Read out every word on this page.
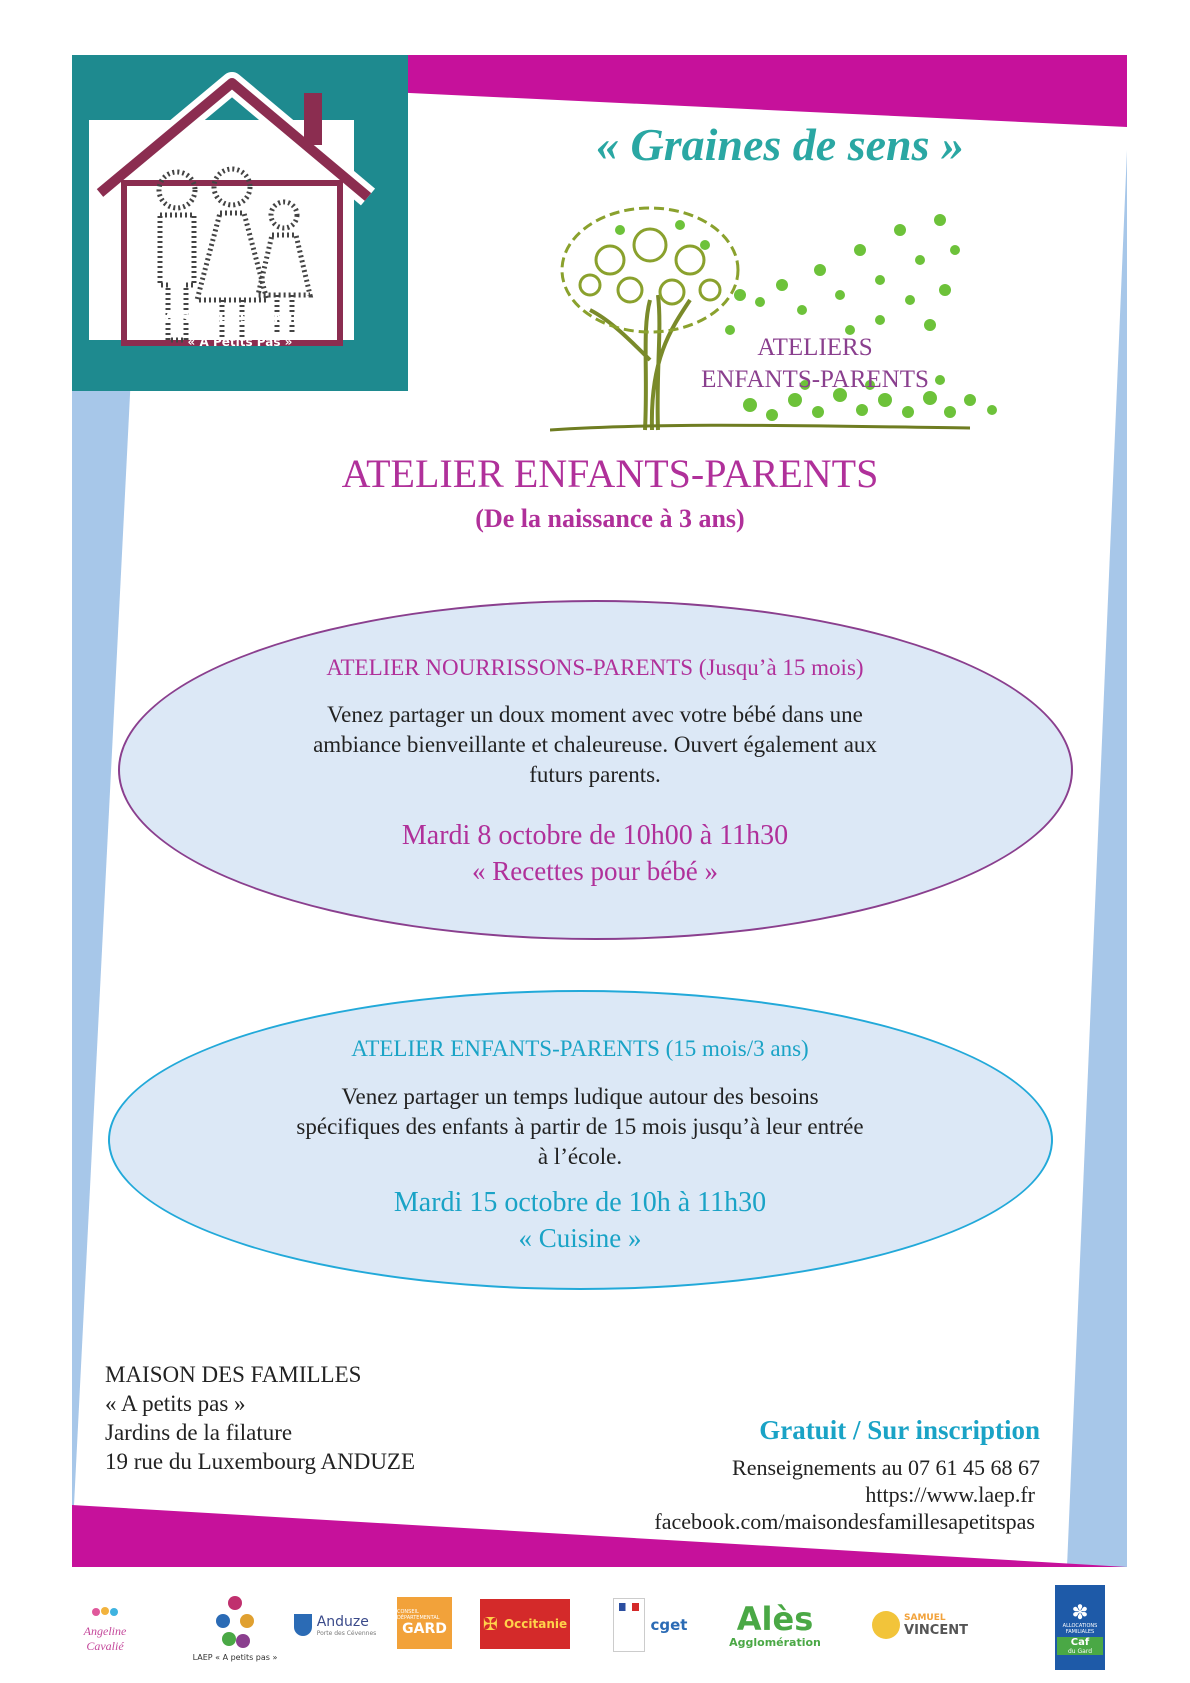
MAISON DES FAMILLES
« A Petits Pas »
« Graines de sens »
ATELIERS
ENFANTS-PARENTS
ATELIER ENFANTS-PARENTS
(De la naissance à 3 ans)
ATELIER NOURRISSONS-PARENTS (Jusqu’à 15 mois)
Venez partager un doux moment avec votre bébé dans une
ambiance bienveillante et chaleureuse. Ouvert également aux
futurs parents.
Mardi 8 octobre de 10h00 à 11h30
« Recettes pour bébé »
ATELIER ENFANTS-PARENTS (15 mois/3 ans)
Venez partager un temps ludique autour des besoins
spécifiques des enfants à partir de 15 mois jusqu’à leur entrée
à l’école.
Mardi 15 octobre de 10h à 11h30
« Cuisine »
MAISON DES FAMILLES
« A petits pas »
Jardins de la filature
19 rue du Luxembourg ANDUZE
Gratuit / Sur inscription
Renseignements au 07 61 45 68 67
https://www.laep.fr
facebook.com/maisondesfamillesapetitspas
Angeline
Cavalié
LAEP « A petits pas »
Anduze
Porte des Cévennes
CONSEIL DÉPARTEMENTAL
GARD ✠ Occitanie	cget Alès
Agglomération
SAMUEL
VINCENT
✽
ALLOCATIONS
FAMILIALES
Caf
du Gard
